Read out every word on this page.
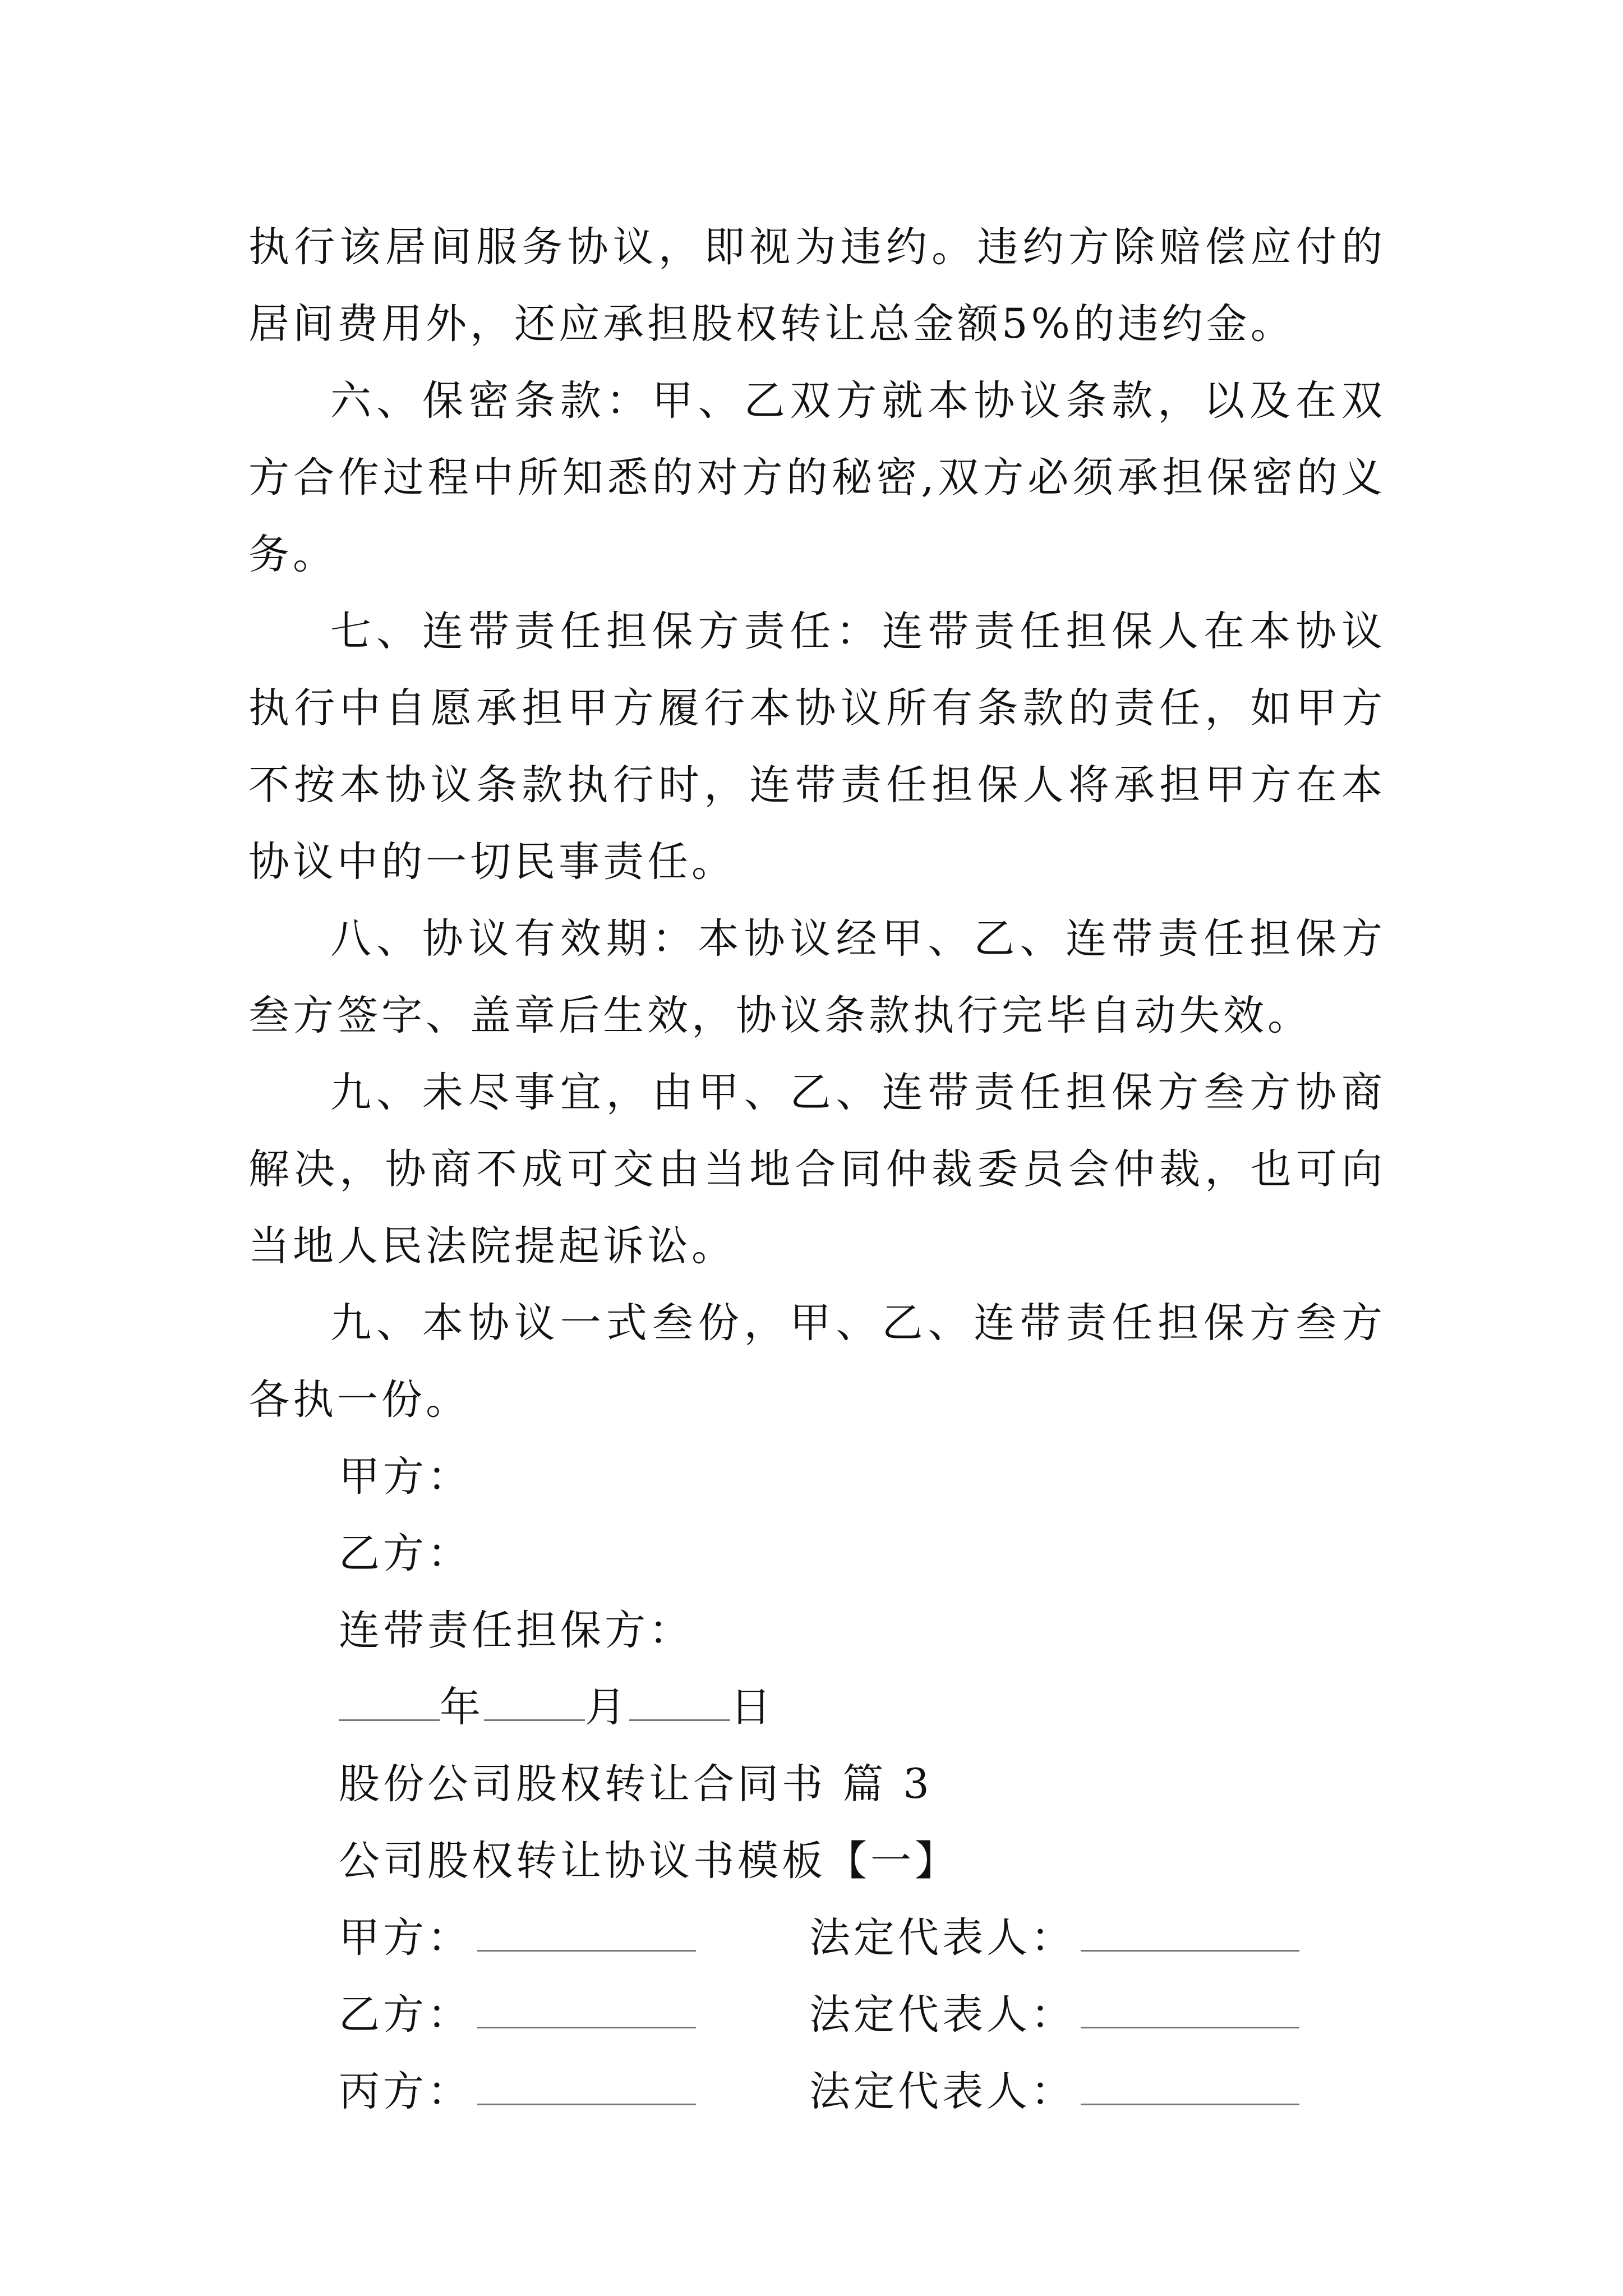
执行该居间服务协议，即视为违约。违约方除赔偿应付的居间费用外，还应承担股权转让总金额5%的违约金。

六、保密条款：甲、乙双方就本协议条款，以及在双方合作过程中所知悉的对方的秘密,双方必须承担保密的义务。

七、连带责任担保方责任：连带责任担保人在本协议执行中自愿承担甲方履行本协议所有条款的责任，如甲方不按本协议条款执行时，连带责任担保人将承担甲方在本协议中的一切民事责任。

八、协议有效期：本协议经甲、乙、连带责任担保方叁方签字、盖章后生效，协议条款执行完毕自动失效。

九、未尽事宜，由甲、乙、连带责任担保方叁方协商解决，协商不成可交由当地合同仲裁委员会仲裁，也可向当地人民法院提起诉讼。

九、本协议一式叁份，甲、乙、连带责任担保方叁方各执一份。

甲方：

乙方：

连带责任担保方：

年 月 日

股份公司股权转让合同书 篇 3

公司股权转让协议书模板【一】

甲方：	法定代表人：

乙方：	法定代表人：

丙方：	法定代表人：
